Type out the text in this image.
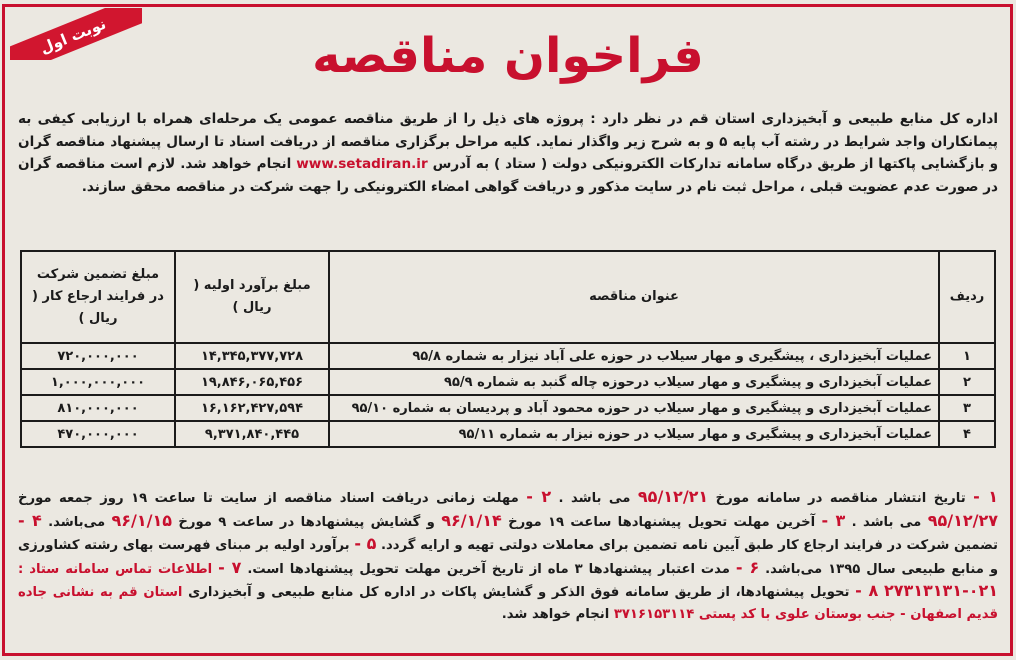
نوبت اول	فراخوان مناقصه
اداره کل منابع طبیعی و آبخیزداری استان قم در نظر دارد : پروژه های ذیل را از طریق مناقصه عمومی یک مرحله‌ای همراه با ارزیابی کیفی به پیمانکاران واجد شرایط در رشته آب پایه ۵ و به شرح زیر واگذار نماید. کلیه مراحل برگزاری مناقصه از دریافت اسناد تا ارسال پیشنهاد مناقصه گران و بازگشایی پاکتها از طریق درگاه سامانه تدارکات الکترونیکی دولت ( ستاد ) به آدرس www.setadiran.ir انجام خواهد شد. لازم است مناقصه گران در صورت عدم عضویت قبلی ، مراحل ثبت نام در سایت مذکور و دریافت گواهی امضاء الکترونیکی را جهت شرکت در مناقصه محقق سازند.
ردیف	عنوان مناقصه	مبلغ برآورد اولیه ( ریال )	مبلغ تضمین شرکت در فرایند ارجاع کار ( ریال )
۱	عملیات آبخیزداری ، پیشگیری و مهار سیلاب در حوزه علی آباد نیزار به شماره ۹۵/۸	۱۴,۳۴۵,۳۷۷,۷۲۸	۷۲۰,۰۰۰,۰۰۰
۲	عملیات آبخیزداری و پیشگیری و مهار سیلاب درحوزه چاله گنبد به شماره ۹۵/۹	۱۹,۸۴۶,۰۶۵,۴۵۶	۱,۰۰۰,۰۰۰,۰۰۰
۳	عملیات آبخیزداری و پیشگیری و مهار سیلاب در حوزه محمود آباد و پردیسان به شماره ۹۵/۱۰	۱۶,۱۶۲,۴۲۷,۵۹۴	۸۱۰,۰۰۰,۰۰۰
۴	عملیات آبخیزداری و پیشگیری و مهار سیلاب در حوزه نیزار به شماره ۹۵/۱۱	۹,۳۷۱,۸۴۰,۴۴۵	۴۷۰,۰۰۰,۰۰۰
۱ - تاریخ انتشار مناقصه در سامانه مورخ ۹۵/۱۲/۲۱ می باشد . ۲ - مهلت زمانی دریافت اسناد مناقصه از سایت تا ساعت ۱۹ روز جمعه مورخ ۹۵/۱۲/۲۷ می باشد . ۳ - آخرین مهلت تحویل پیشنهادها ساعت ۱۹ مورخ ۹۶/۱/۱۴ و گشایش پیشنهادها در ساعت ۹ مورخ ۹۶/۱/۱۵ می‌باشد. ۴ - تضمین شرکت در فرایند ارجاع کار طبق آیین نامه تضمین برای معاملات دولتی تهیه و ارایه گردد. ۵ - برآورد اولیه بر مبنای فهرست بهای رشته کشاورزی و منابع طبیعی سال ۱۳۹۵ می‌باشد. ۶ - مدت اعتبار پیشنهادها ۳ ماه از تاریخ آخرین مهلت تحویل پیشنهادها است. ۷ - اطلاعات تماس سامانه ستاد : ۰۲۱-۲۷۳۱۳۱۳۱ ۸ - تحویل پیشنهادها، از طریق سامانه فوق الذکر و گشایش پاکات در اداره کل منابع طبیعی و آبخیزداری استان قم به نشانی جاده قدیم اصفهان - جنب بوستان علوی با کد پستی ۳۷۱۶۱۵۳۱۱۴ انجام خواهد شد.
